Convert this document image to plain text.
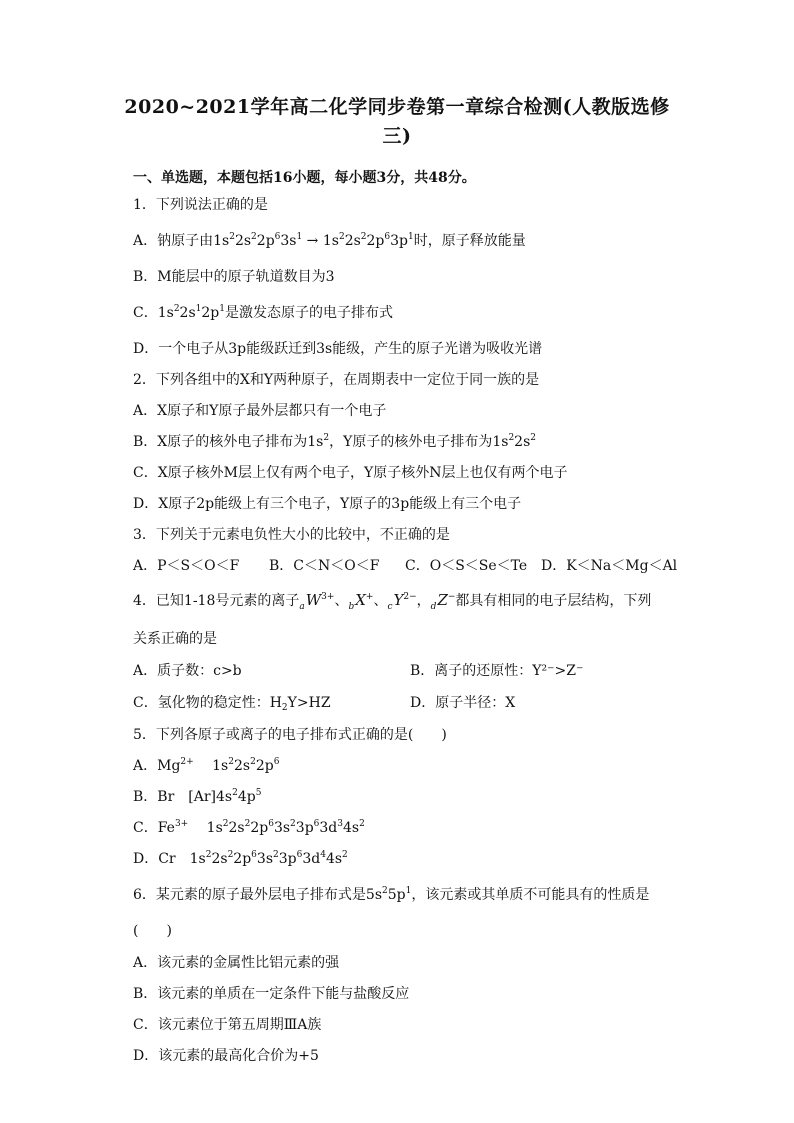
2020~2021学年高二化学同步卷第一章综合检测(人教版选修
三)
一、单选题，本题包括16小题，每小题3分，共48分。
1．下列说法正确的是
A．钠原子由$1s^22s^22p^63s^1 \to 1s^22s^22p^63p^1$时，原子释放能量
B．M能层中的原子轨道数目为3
C．$1s^22s^12p^1$是激发态原子的电子排布式
D．一个电子从3p能级跃迁到3s能级，产生的原子光谱为吸收光谱
2．下列各组中的X和Y两种原子，在周期表中一定位于同一族的是
A．X原子和Y原子最外层都只有一个电子
B．X原子的核外电子排布为$1s^2$，Y原子的核外电子排布为$1s^22s^2$
C．X原子核外M层上仅有两个电子，Y原子核外N层上也仅有两个电子
D．X原子2p能级上有三个电子，Y原子的3p能级上有三个电子
3．下列关于元素电负性大小的比较中，不正确的是
A．P＜S＜O＜F B．C＜N＜O＜F C．O＜S＜Se＜Te D．K＜Na＜Mg＜Al
4．已知1-18号元素的离子$_aW^{3+}$、$_b$X+、$_cY^{2-}$，$_d$Z−都具有相同的电子层结构，下列
关系正确的是
A．质子数：c>b	B．离子的还原性：Y²⁻>Z⁻
C．氢化物的稳定性：$H_2Y>HZ$	D．原子半径：X
5．下列各原子或离子的电子排布式正确的是(　　)
A．$Mg^{2+}$　 $1s^22s^22p^6$
B．Br　$[Ar]4s^24p^5$
C．$Fe^{3+}$　 $1s^22s^22p^63s^23p^63d^34s^2$
D．Cr　$1s^22s^22p^63s^23p^63d^44s^2$
6．某元素的原子最外层电子排布式是$5s^25p^1$，该元素或其单质不可能具有的性质是
(　　)
A．该元素的金属性比铝元素的强
B．该元素的单质在一定条件下能与盐酸反应
C．该元素位于第五周期ⅢA族
D．该元素的最高化合价为+5
